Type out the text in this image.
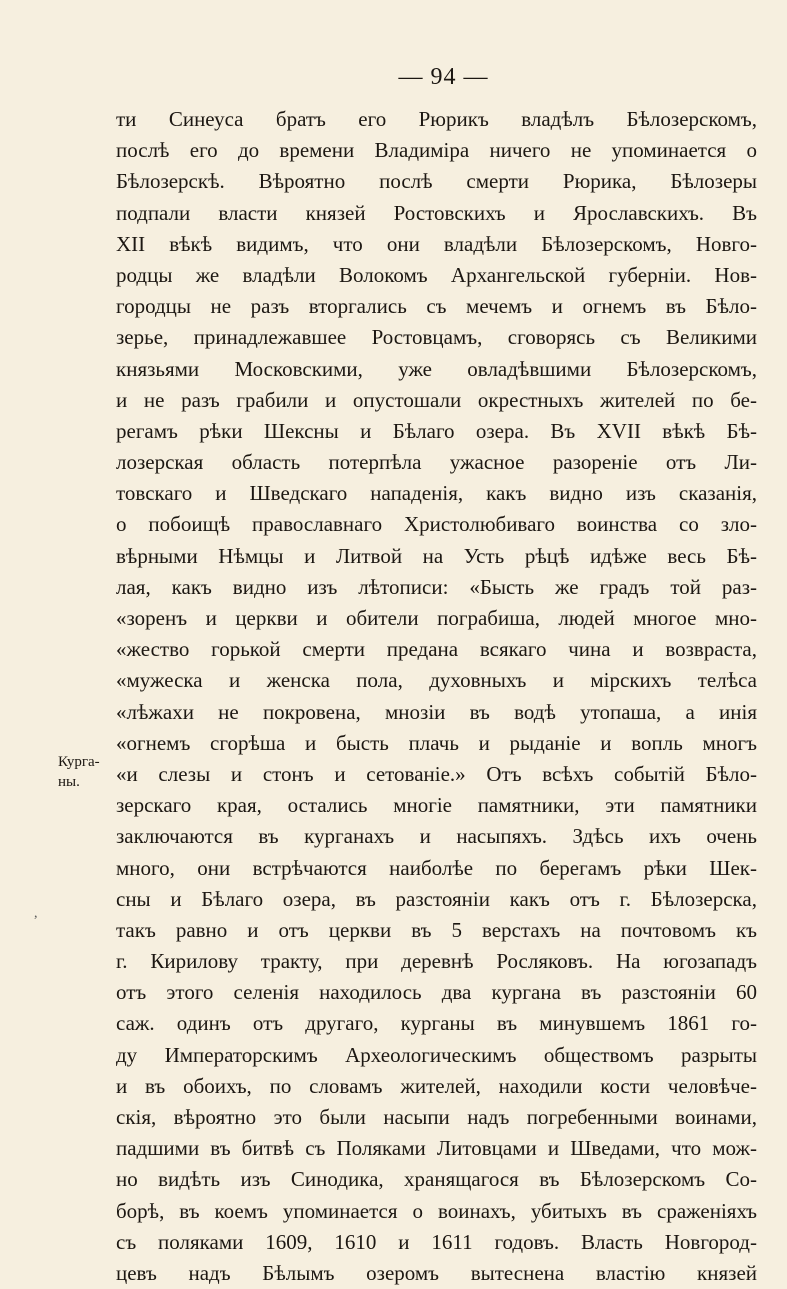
— 94 —
Курга-
ны.
,
ти Синеуса братъ его Рюрикъ владѣлъ Бѣлозерскомъ,
послѣ его до времени Владиміра ничего не упоминается о
Бѣлозерскѣ. Вѣроятно послѣ смерти Рюрика, Бѣлозеры
подпали власти князей Ростовскихъ и Ярославскихъ. Въ
XII вѣкѣ видимъ, что они владѣли Бѣлозерскомъ, Новго-
родцы же владѣли Волокомъ Архангельской губерніи. Нов-
городцы не разъ вторгались съ мечемъ и огнемъ въ Бѣло-
зерье, принадлежавшее Ростовцамъ, сговорясь съ Великими
князьями Московскими, уже овладѣвшими Бѣлозерскомъ,
и не разъ грабили и опустошали окрестныхъ жителей по бе-
регамъ рѣки Шексны и Бѣлаго озера. Въ XVII вѣкѣ Бѣ-
лозерская область потерпѣла ужасное разореніе отъ Ли-
товскаго и Шведскаго нападенія, какъ видно изъ сказанія,
о побоищѣ православнаго Христолюбиваго воинства со зло-
вѣрными Нѣмцы и Литвой на Усть рѣцѣ идѣже весь Бѣ-
лая, какъ видно изъ лѣтописи: «Бысть же градъ той раз-
«зоренъ и церкви и обители пограбиша, людей многое мно-
«жество горькой смерти предана всякаго чина и возвраста,
«мужеска и женска пола, духовныхъ и мірскихъ телѣса
«лѣжахи не покровена, мнозіи въ водѣ утопаша, а инія
«огнемъ сгорѣша и бысть плачь и рыданіе и вопль многъ
«и слезы и стонъ и сетованіе.» Отъ всѣхъ событій Бѣло-
зерскаго края, остались многіе памятники, эти памятники
заключаются въ курганахъ и насыпяхъ. Здѣсь ихъ очень
много, они встрѣчаются наиболѣе по берегамъ рѣки Шек-
сны и Бѣлаго озера, въ разстояніи какъ отъ г. Бѣлозерска,
такъ равно и отъ церкви въ 5 верстахъ на почтовомъ къ
г. Кирилову тракту, при деревнѣ Росляковъ. На югозападъ
отъ этого селенія находилось два кургана въ разстояніи 60
саж. одинъ отъ другаго, курганы въ минувшемъ 1861 го-
ду Императорскимъ Археологическимъ обществомъ разрыты
и въ обоихъ, по словамъ жителей, находили кости человѣче-
скія, вѣроятно это были насыпи надъ погребенными воинами,
падшими въ битвѣ съ Поляками Литовцами и Шведами, что мож-
но видѣть изъ Синодика, хранящагося въ Бѣлозерскомъ Со-
борѣ, въ коемъ упоминается о воинахъ, убитыхъ въ сраженіяхъ
съ поляками 1609, 1610 и 1611 годовъ. Власть Новгород-
цевъ надъ Бѣлымъ озеромъ вытеснена властію князей
